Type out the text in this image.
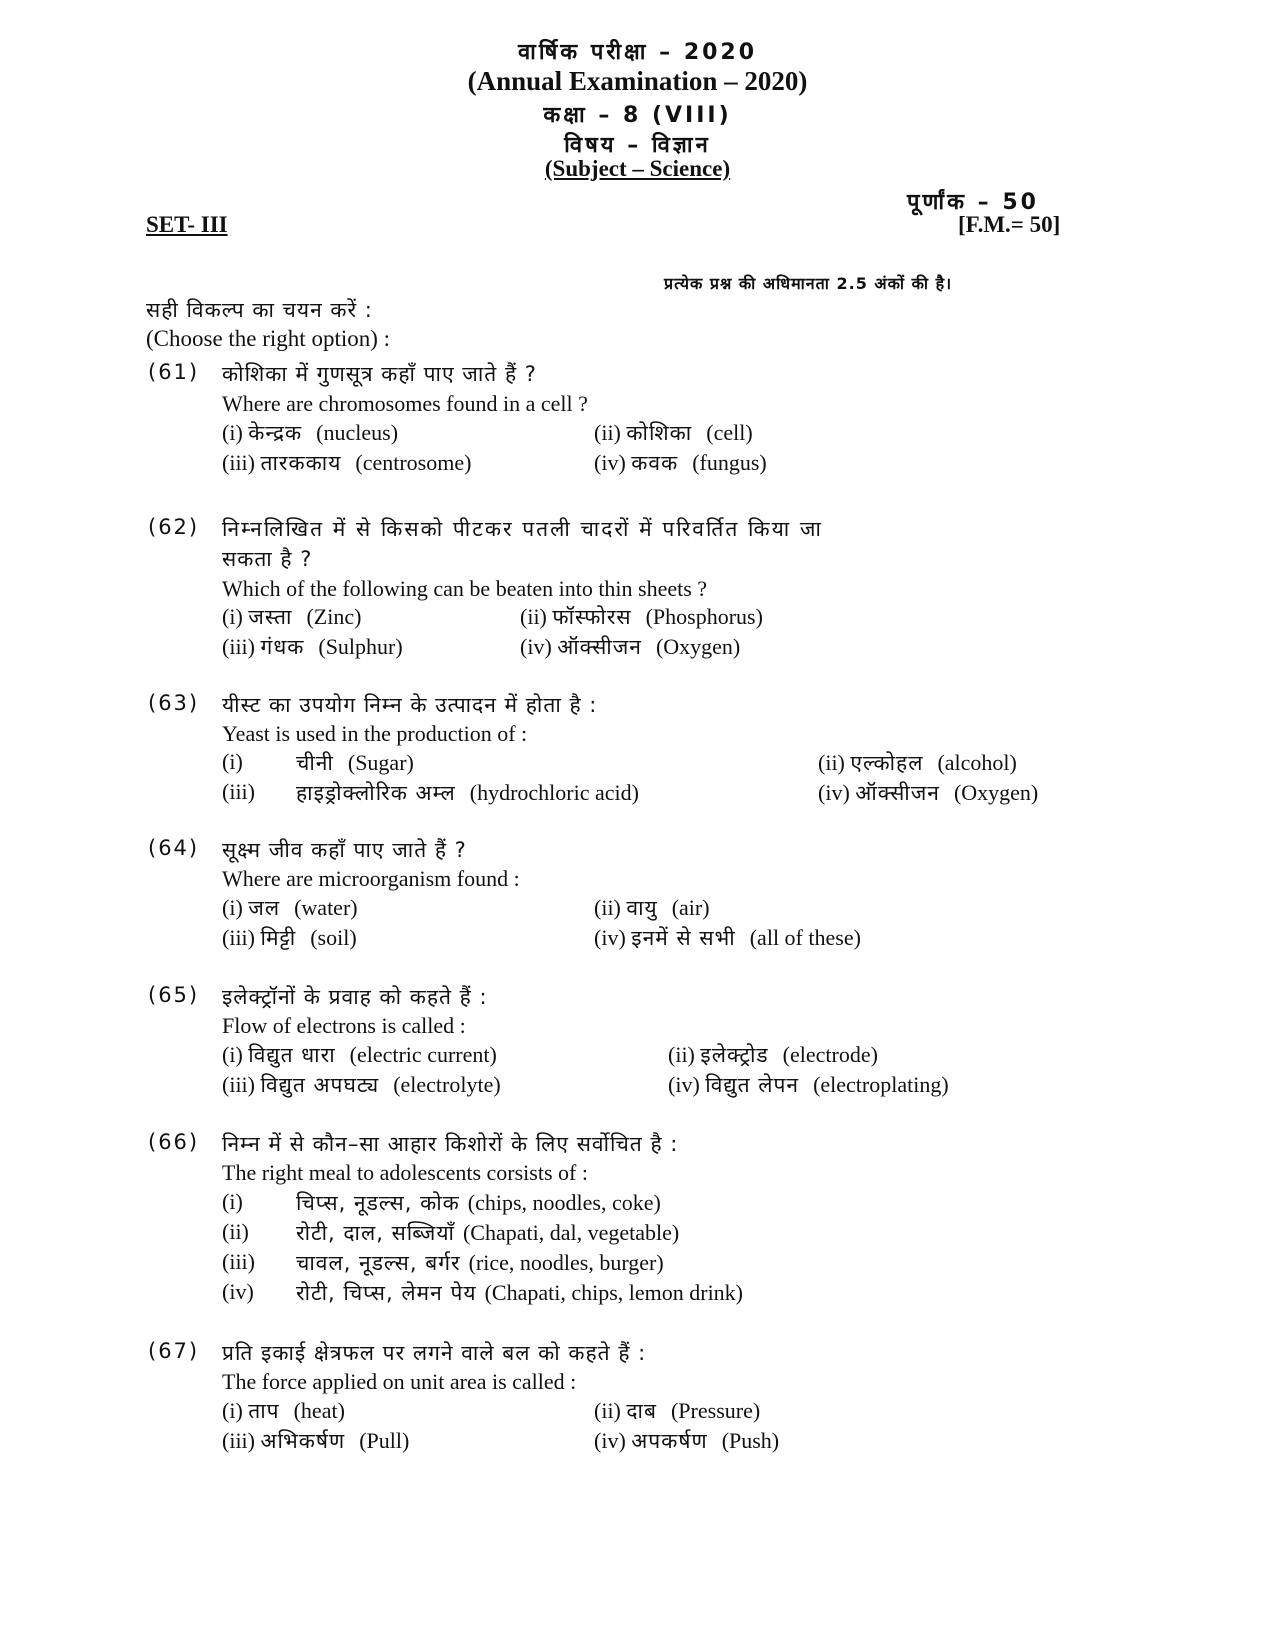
वार्षिक परीक्षा – 2020
(Annual Examination – 2020)
कक्षा – 8 (VIII)
विषय – विज्ञान
(Subject – Science)
पूर्णांक – 50
[F.M.= 50]
SET- III
प्रत्येक प्रश्न की अधिमानता 2.5 अंकों की है।
सही विकल्प का चयन करें :
(Choose the right option) :
(61) कोशिका में गुणसूत्र कहाँ पाए जाते हैं ?
Where are chromosomes found in a cell ?
(i) केन्द्रक (nucleus)	(ii) कोशिका (cell)
(iii) तारककाय (centrosome)	(iv) कवक (fungus)
(62) निम्नलिखित में से किसको पीटकर पतली चादरों में परिवर्तित किया जा
सकता है ?
Which of the following can be beaten into thin sheets ?
(i) जस्ता (Zinc)	(ii) फॉस्फोरस (Phosphorus)
(iii) गंधक (Sulphur)	(iv) ऑक्सीजन (Oxygen)
(63) यीस्ट का उपयोग निम्न के उत्पादन में होता है :
Yeast is used in the production of :
(i)	चीनी (Sugar)	(ii) एल्कोहल (alcohol)
(iii) हाइड्रोक्लोरिक अम्ल (hydrochloric acid)	(iv) ऑक्सीजन (Oxygen)
(64) सूक्ष्म जीव कहाँ पाए जाते हैं ?
Where are microorganism found :
(i) जल (water)	(ii) वायु (air)
(iii) मिट्टी (soil)	(iv) इनमें से सभी (all of these)
(65) इलेक्ट्रॉनों के प्रवाह को कहते हैं :
Flow of electrons is called :
(i) विद्युत धारा (electric current)	(ii) इलेक्ट्रोड (electrode)
(iii) विद्युत अपघट्य (electrolyte)	(iv) विद्युत लेपन (electroplating)
(66) निम्न में से कौन–सा आहार किशोरों के लिए सर्वोचित है :
The right meal to adolescents corsists of :
(i)	चिप्स, नूडल्स, कोक (chips, noodles, coke)
(ii) रोटी, दाल, सब्जियाँ (Chapati, dal, vegetable)
(iii) चावल, नूडल्स, बर्गर (rice, noodles, burger)
(iv) रोटी, चिप्स, लेमन पेय (Chapati, chips, lemon drink)
(67) प्रति इकाई क्षेत्रफल पर लगने वाले बल को कहते हैं :
The force applied on unit area is called :
(i) ताप (heat)	(ii) दाब (Pressure)
(iii) अभिकर्षण (Pull)	(iv) अपकर्षण (Push)
